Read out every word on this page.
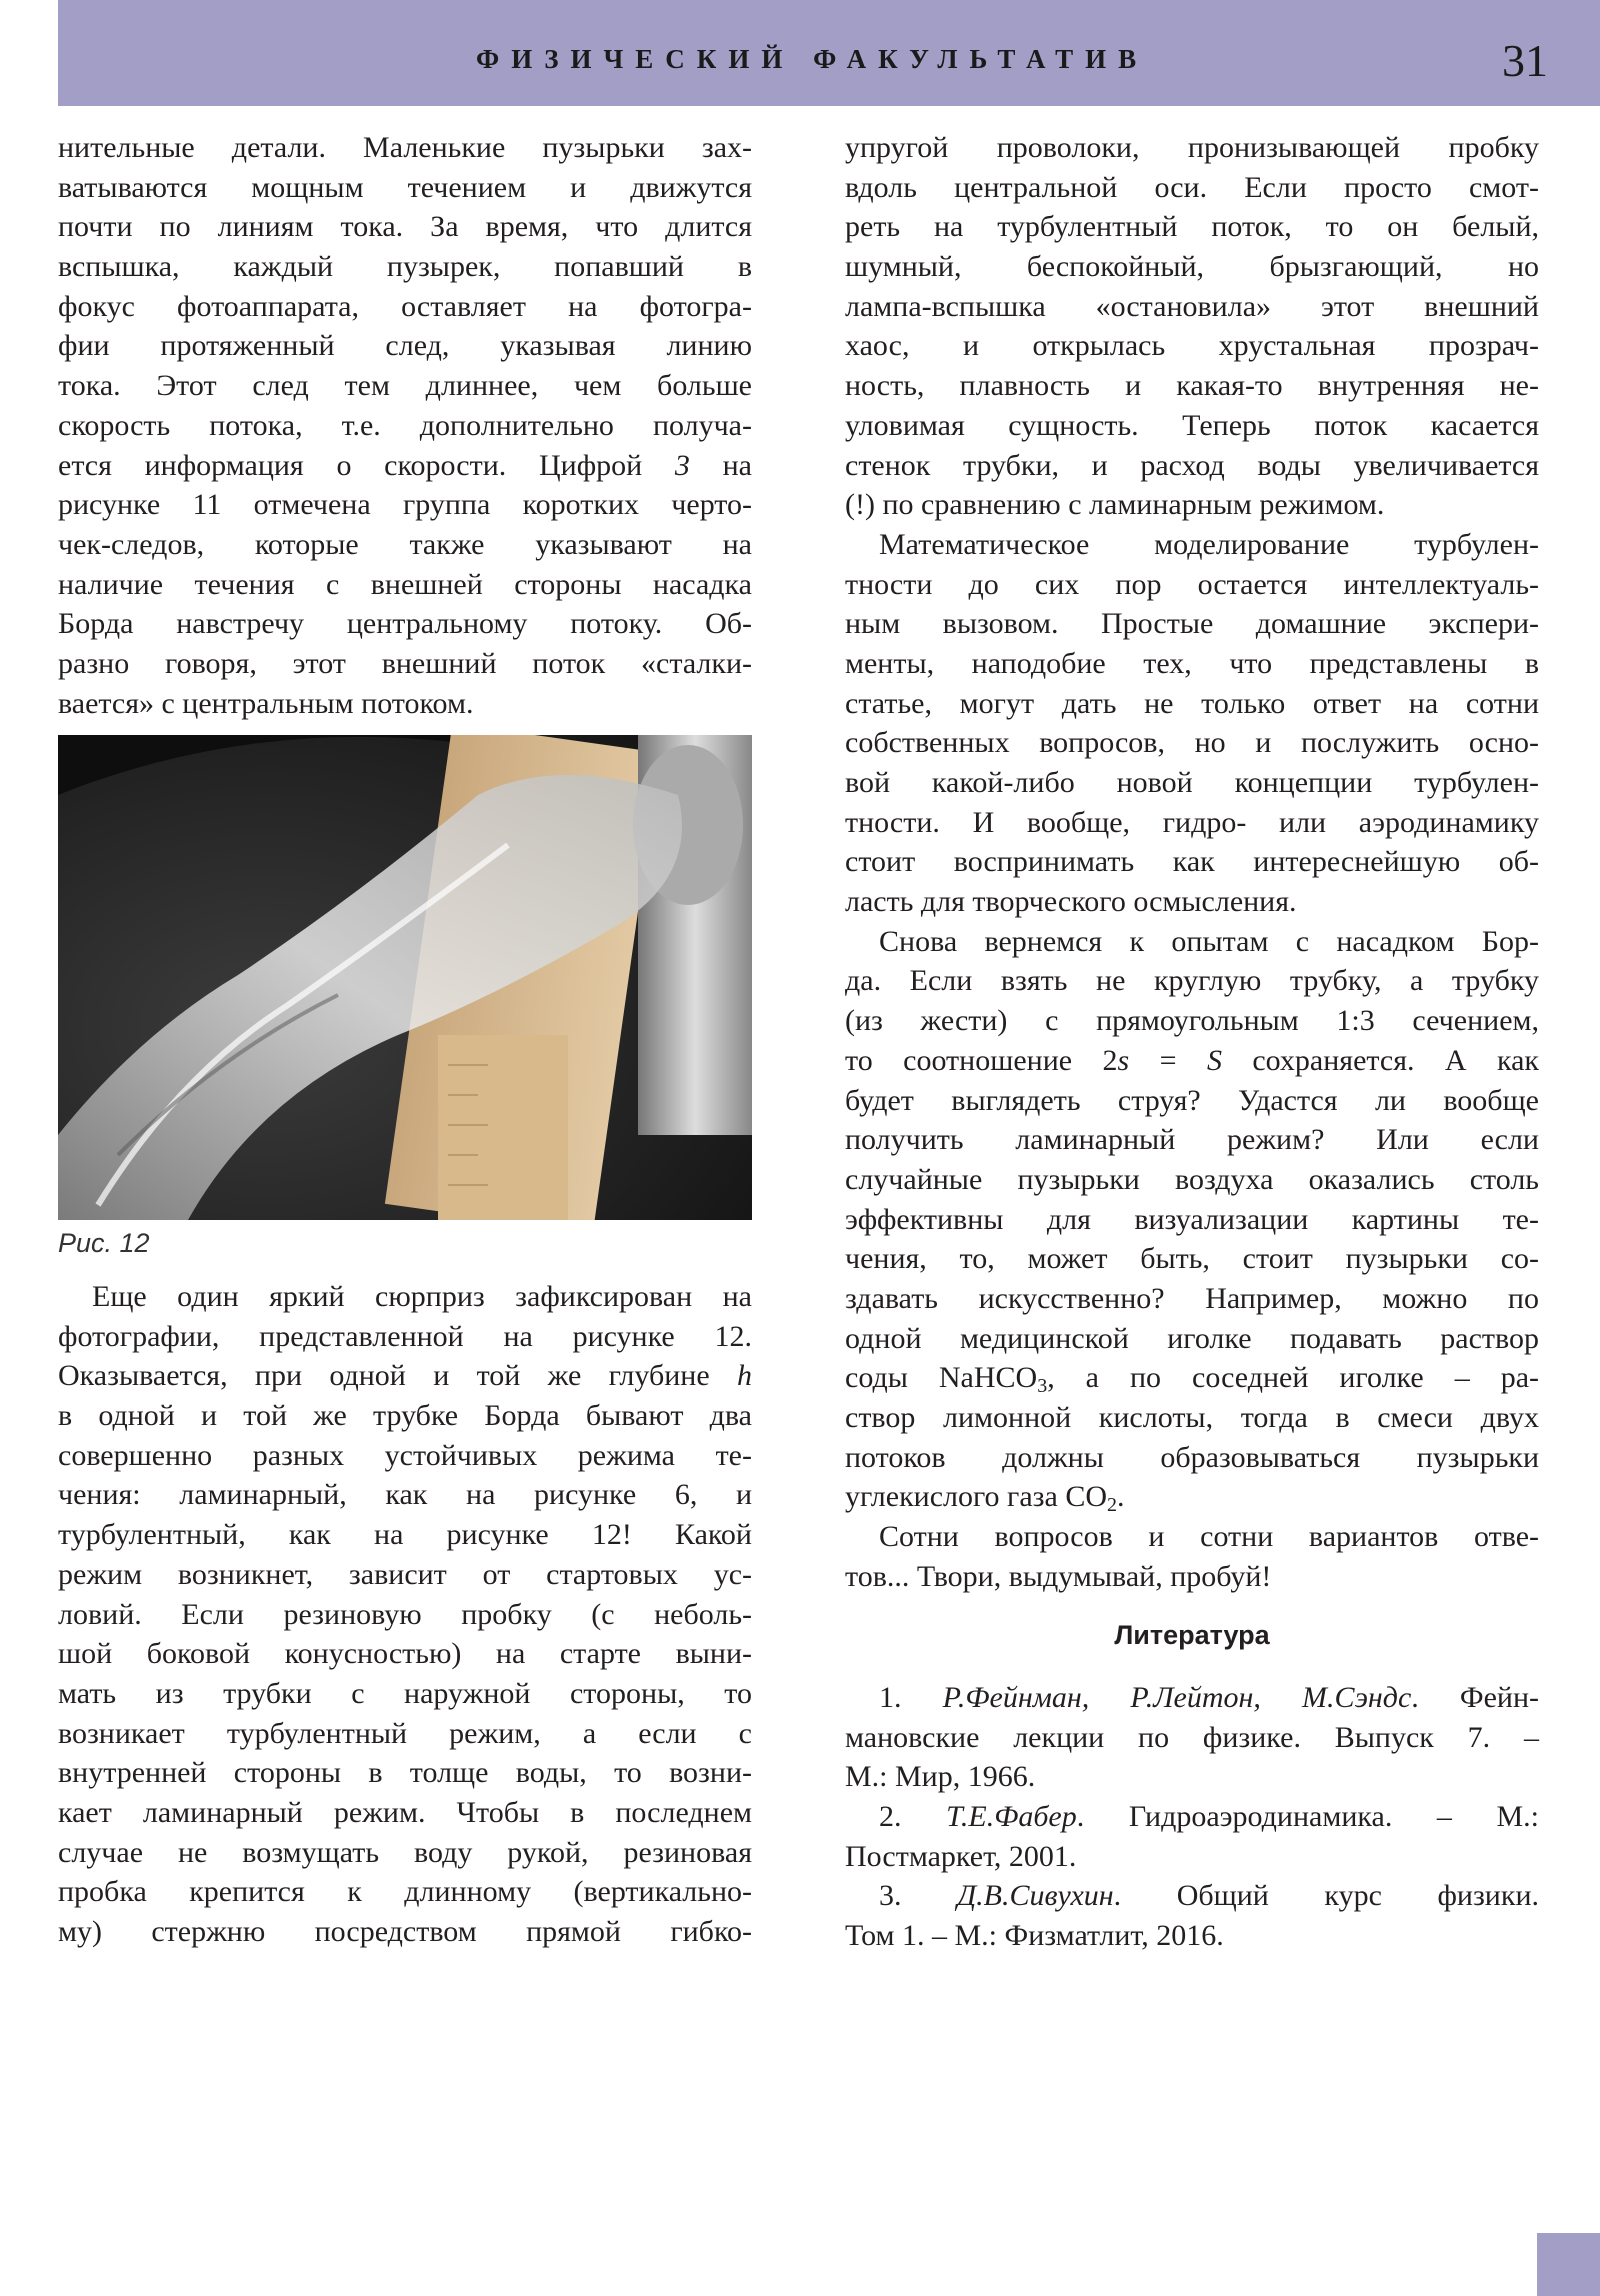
ФИЗИЧЕСКИЙ ФАКУЛЬТАТИВ	31
нительные детали. Маленькие пузырьки зах-
ватываются мощным течением и движутся
почти по линиям тока. За время, что длится
вспышка, каждый пузырек, попавший в
фокус фотоаппарата, оставляет на фотогра-
фии протяженный след, указывая линию
тока. Этот след тем длиннее, чем больше
скорость потока, т.е. дополнительно получа-
ется информация о скорости. Цифрой 3 на
рисунке 11 отмечена группа коротких черто-
чек-следов, которые также указывают на
наличие течения с внешней стороны насадка
Борда навстречу центральному потоку. Об-
разно говоря, этот внешний поток «сталки-
вается» с центральным потоком.
Рис. 12
Еще один яркий сюрприз зафиксирован на
фотографии, представленной на рисунке 12.
Оказывается, при одной и той же глубине h
в одной и той же трубке Борда бывают два
совершенно разных устойчивых режима те-
чения: ламинарный, как на рисунке 6, и
турбулентный, как на рисунке 12! Какой
режим возникнет, зависит от стартовых ус-
ловий. Если резиновую пробку (с неболь-
шой боковой конусностью) на старте выни-
мать из трубки с наружной стороны, то
возникает турбулентный режим, а если с
внутренней стороны в толще воды, то возни-
кает ламинарный режим. Чтобы в последнем
случае не возмущать воду рукой, резиновая
пробка крепится к длинному (вертикально-
му) стержню посредством прямой гибко-
упругой проволоки, пронизывающей пробку
вдоль центральной оси. Если просто смот-
реть на турбулентный поток, то он белый,
шумный, беспокойный, брызгающий, но
лампа-вспышка «остановила» этот внешний
хаос, и открылась хрустальная прозрач-
ность, плавность и какая-то внутренняя не-
уловимая сущность. Теперь поток касается
стенок трубки, и расход воды увеличивается
(!) по сравнению с ламинарным режимом.
Математическое моделирование турбулен-
тности до сих пор остается интеллектуаль-
ным вызовом. Простые домашние экспери-
менты, наподобие тех, что представлены в
статье, могут дать не только ответ на сотни
собственных вопросов, но и послужить осно-
вой какой-либо новой концепции турбулен-
тности. И вообще, гидро- или аэродинамику
стоит воспринимать как интереснейшую об-
ласть для творческого осмысления.
Снова вернемся к опытам с насадком Бор-
да. Если взять не круглую трубку, а трубку
(из жести) с прямоугольным 1:3 сечением,
то соотношение 2s = S сохраняется. А как
будет выглядеть струя? Удастся ли вообще
получить ламинарный режим? Или если
случайные пузырьки воздуха оказались столь
эффективны для визуализации картины те-
чения, то, может быть, стоит пузырьки со-
здавать искусственно? Например, можно по
одной медицинской иголке подавать раствор
соды NaHCO$_3$, а по соседней иголке – ра-
створ лимонной кислоты, тогда в смеси двух
потоков должны образовываться пузырьки
углекислого газа $CO_2$.
Сотни вопросов и сотни вариантов отве-
тов... Твори, выдумывай, пробуй!
Литература
1. Р.Фейнман, Р.Лейтон, М.Сэндс. Фейн-
мановские лекции по физике. Выпуск 7. –
М.: Мир, 1966.
2. Т.Е.Фабер. Гидроаэродинамика. – М.:
Постмаркет, 2001.
3. Д.В.Сивухин. Общий курс физики.
Том 1. – М.: Физматлит, 2016.
